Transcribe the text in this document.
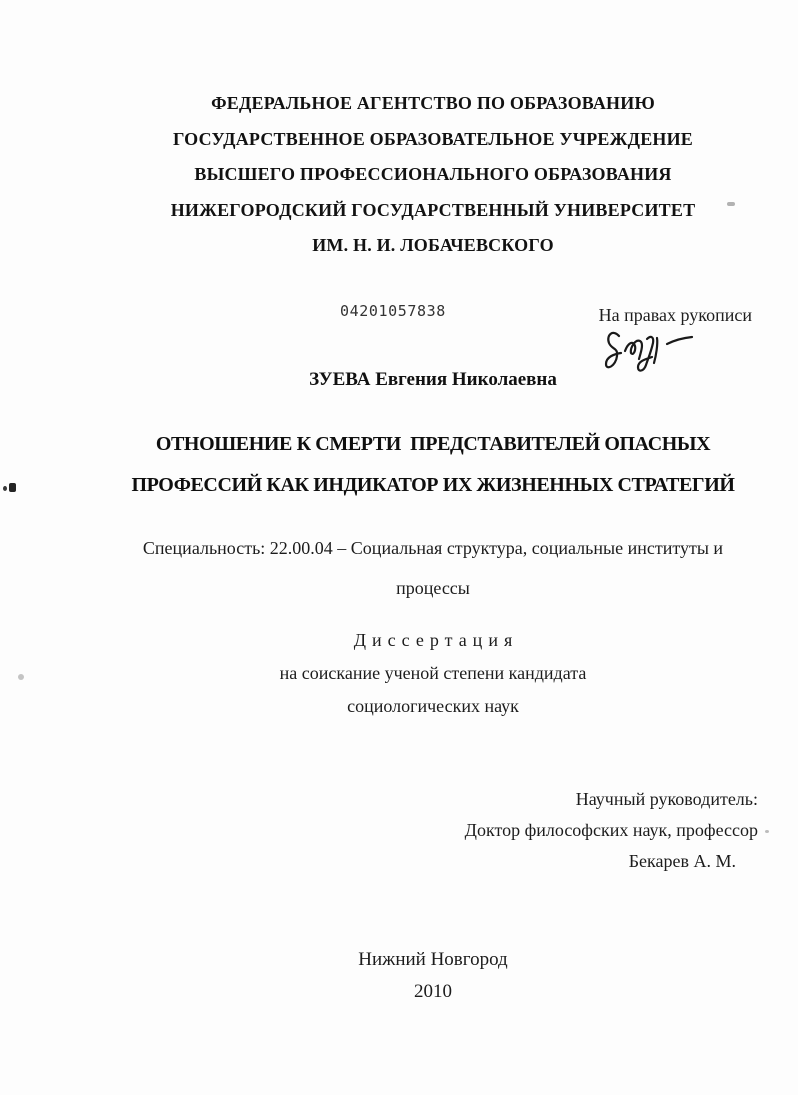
ФЕДЕРАЛЬНОЕ АГЕНТСТВО ПО ОБРАЗОВАНИЮ
ГОСУДАРСТВЕННОЕ ОБРАЗОВАТЕЛЬНОЕ УЧРЕЖДЕНИЕ
ВЫСШЕГО ПРОФЕССИОНАЛЬНОГО ОБРАЗОВАНИЯ
НИЖЕГОРОДСКИЙ ГОСУДАРСТВЕННЫЙ УНИВЕРСИТЕТ
ИМ. Н. И. ЛОБАЧЕВСКОГО
04201057838	На правах рукописи
ЗУЕВА Евгения Николаевна
ОТНОШЕНИЕ К СМЕРТИ  ПРЕДСТАВИТЕЛЕЙ ОПАСНЫХ
ПРОФЕССИЙ КАК ИНДИКАТОР ИХ ЖИЗНЕННЫХ СТРАТЕГИЙ
Специальность: 22.00.04 – Социальная структура, социальные институты и
процессы
Диссертация
на соискание ученой степени кандидата
социологических наук
Научный руководитель:
Доктор философских наук, профессор
Бекарев А. М.
Нижний Новгород
2010
